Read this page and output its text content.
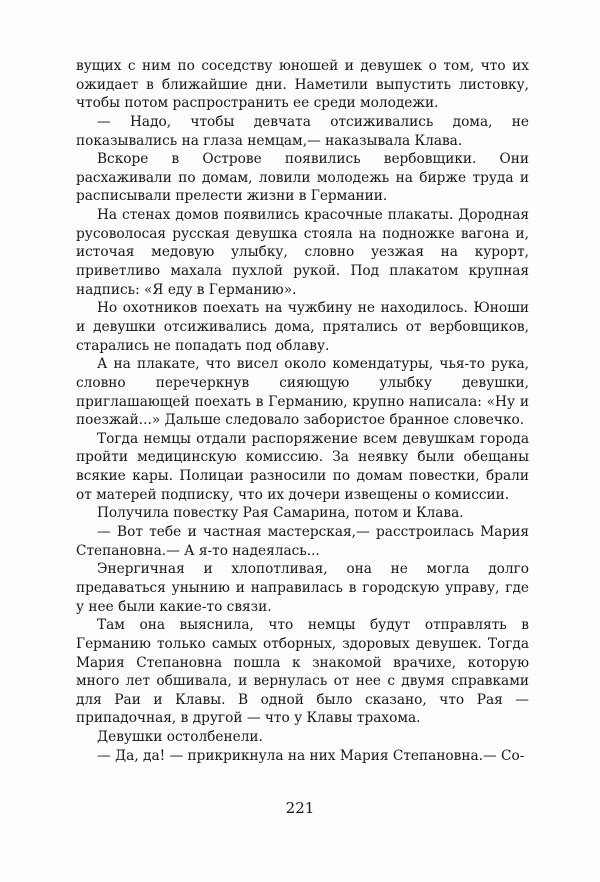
вущих с ним по соседству юношей и девушек о том, что их ожидает в ближайшие дни. Наметили выпустить листовку, чтобы потом распространить ее среди молодежи.

— Надо, чтобы девчата отсиживались дома, не показывались на глаза немцам,— наказывала Клава.

Вскоре в Острове появились вербовщики. Они расхаживали по домам, ловили молодежь на бирже труда и расписывали прелести жизни в Германии.

На стенах домов появились красочные плакаты. Дородная русоволосая русская девушка стояла на подножке вагона и, источая медовую улыбку, словно уезжая на курорт, приветливо махала пухлой рукой. Под плакатом крупная надпись: «Я еду в Германию».

Но охотников поехать на чужбину не находилось. Юноши и девушки отсиживались дома, прятались от вербовщиков, старались не попадать под облаву.

А на плакате, что висел около комендатуры, чья-то рука, словно перечеркнув сияющую улыбку девушки, приглашающей поехать в Германию, крупно написала: «Ну и поезжай...» Дальше следовало забористое бранное словечко.

Тогда немцы отдали распоряжение всем девушкам города пройти медицинскую комиссию. За неявку были обещаны всякие кары. Полицаи разносили по домам повестки, брали от матерей подписку, что их дочери извещены о комиссии.

Получила повестку Рая Самарина, потом и Клава.

— Вот тебе и частная мастерская,— расстроилась Мария Степановна.— А я-то надеялась...

Энергичная и хлопотливая, она не могла долго предаваться унынию и направилась в городскую управу, где у нее были какие-то связи.

Там она выяснила, что немцы будут отправлять в Германию только самых отборных, здоровых девушек. Тогда Мария Степановна пошла к знакомой врачихе, которую много лет обшивала, и вернулась от нее с двумя справками для Раи и Клавы. В одной было сказано, что Рая — припадочная, в другой — что у Клавы трахома.

Девушки остолбенели.

— Да, да! — прикрикнула на них Мария Степановна.— Со-

221
